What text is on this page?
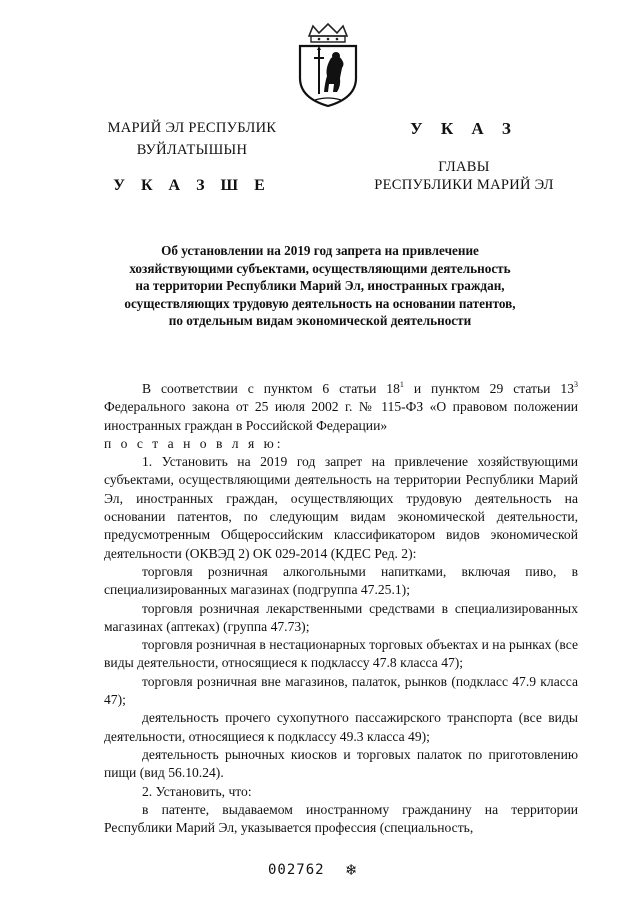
МАРИЙ ЭЛ РЕСПУБЛИК
ВУЙЛАТЫШЫН
У К А З Ш Е
У К А З
ГЛАВЫ
РЕСПУБЛИКИ МАРИЙ ЭЛ
Об установлении на 2019 год запрета на привлечение
хозяйствующими субъектами, осуществляющими деятельность
на территории Республики Марий Эл, иностранных граждан,
осуществляющих трудовую деятельность на основании патентов,
по отдельным видам экономической деятельности

В соответствии с пунктом 6 статьи $18^1$ и пунктом 29 статьи $13^3$ Федерального закона от 25 июля 2002 г. № 115-ФЗ «О правовом положении иностранных граждан в Российской Федерации»

п о с т а н о в л я ю:

1. Установить на 2019 год запрет на привлечение хозяйствующими субъектами, осуществляющими деятельность на территории Республики Марий Эл, иностранных граждан, осуществляющих трудовую деятельность на основании патентов, по следующим видам экономической деятельности, предусмотренным Общероссийским классификатором видов экономической деятельности (ОКВЭД 2) ОК 029-2014 (КДЕС Ред. 2):

торговля розничная алкогольными напитками, включая пиво, в специализированных магазинах (подгруппа 47.25.1);

торговля розничная лекарственными средствами в специализированных магазинах (аптеках) (группа 47.73);

торговля розничная в нестационарных торговых объектах и на рынках (все виды деятельности, относящиеся к подклассу 47.8 класса 47);

торговля розничная вне магазинов, палаток, рынков (подкласс 47.9 класса 47);

деятельность прочего сухопутного пассажирского транспорта (все виды деятельности, относящиеся к подклассу 49.3 класса 49);

деятельность рыночных киосков и торговых палаток по приготовлению пищи (вид 56.10.24).

2. Установить, что:

в патенте, выдаваемом иностранному гражданину на территории Республики Марий Эл, указывается профессия (специальность,

002762 ❄
